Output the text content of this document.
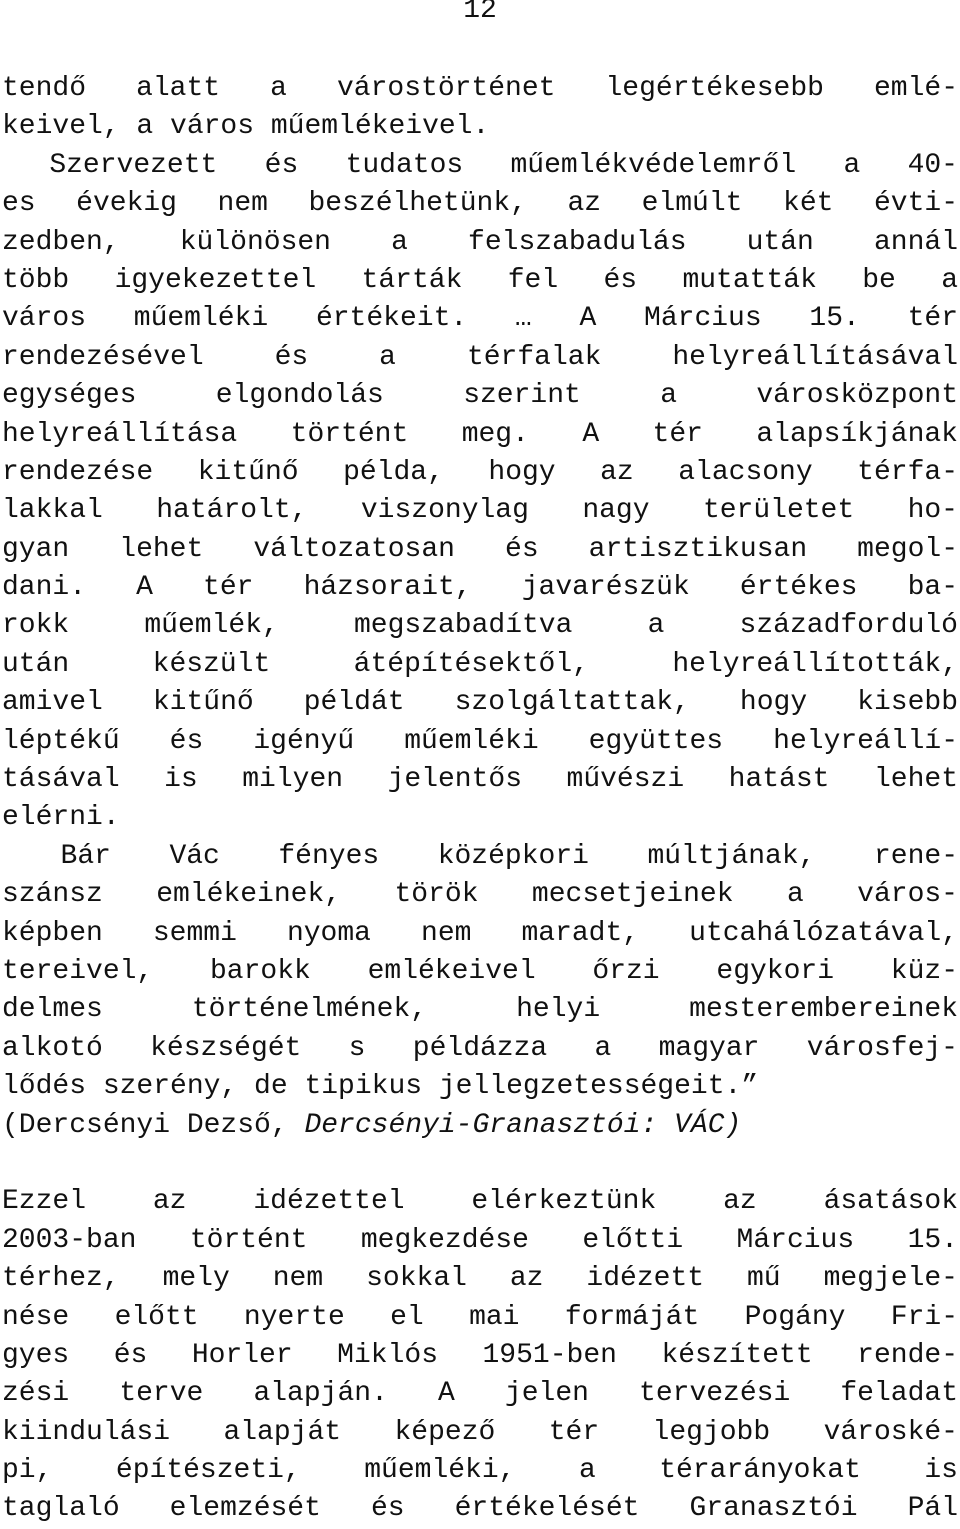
12
tendő alatt a várostörténet legértékesebb emlé-
keivel, a város műemlékeivel.
Szervezett és tudatos műemlékvédelemről a 40-
es évekig nem beszélhetünk, az elmúlt két évti-
zedben, különösen a felszabadulás után annál
több igyekezettel tárták fel és mutatták be a
város műemléki értékeit. … A Március 15. tér
rendezésével és a térfalak helyreállításával
egységes elgondolás szerint a városközpont
helyreállítása történt meg. A tér alapsíkjának
rendezése kitűnő példa, hogy az alacsony térfa-
lakkal határolt, viszonylag nagy területet ho-
gyan lehet változatosan és artisztikusan megol-
dani. A tér házsorait, javarészük értékes ba-
rokk műemlék, megszabadítva a századforduló
után készült átépítésektől, helyreállították,
amivel kitűnő példát szolgáltattak, hogy kisebb
léptékű és igényű műemléki együttes helyreállí-
tásával is milyen jelentős művészi hatást lehet
elérni.
Bár Vác fényes középkori múltjának, rene-
szánsz emlékeinek, török mecsetjeinek a város-
képben semmi nyoma nem maradt, utcahálózatával,
tereivel, barokk emlékeivel őrzi egykori küz-
delmes történelmének, helyi mesterembereinek
alkotó készségét s példázza a magyar városfej-
lődés szerény, de tipikus jellegzetességeit.”
(Dercsényi Dezső, Dercsényi-Granasztói: VÁC)
Ezzel az idézettel elérkeztünk az ásatások
2003-ban történt megkezdése előtti Március 15.
térhez, mely nem sokkal az idézett mű megjele-
nése előtt nyerte el mai formáját Pogány Fri-
gyes és Horler Miklós 1951-ben készített rende-
zési terve alapján. A jelen tervezési feladat
kiindulási alapját képező tér legjobb városké-
pi, építészeti, műemléki, a térarányokat is
taglaló elemzését és értékelését Granasztói Pál
